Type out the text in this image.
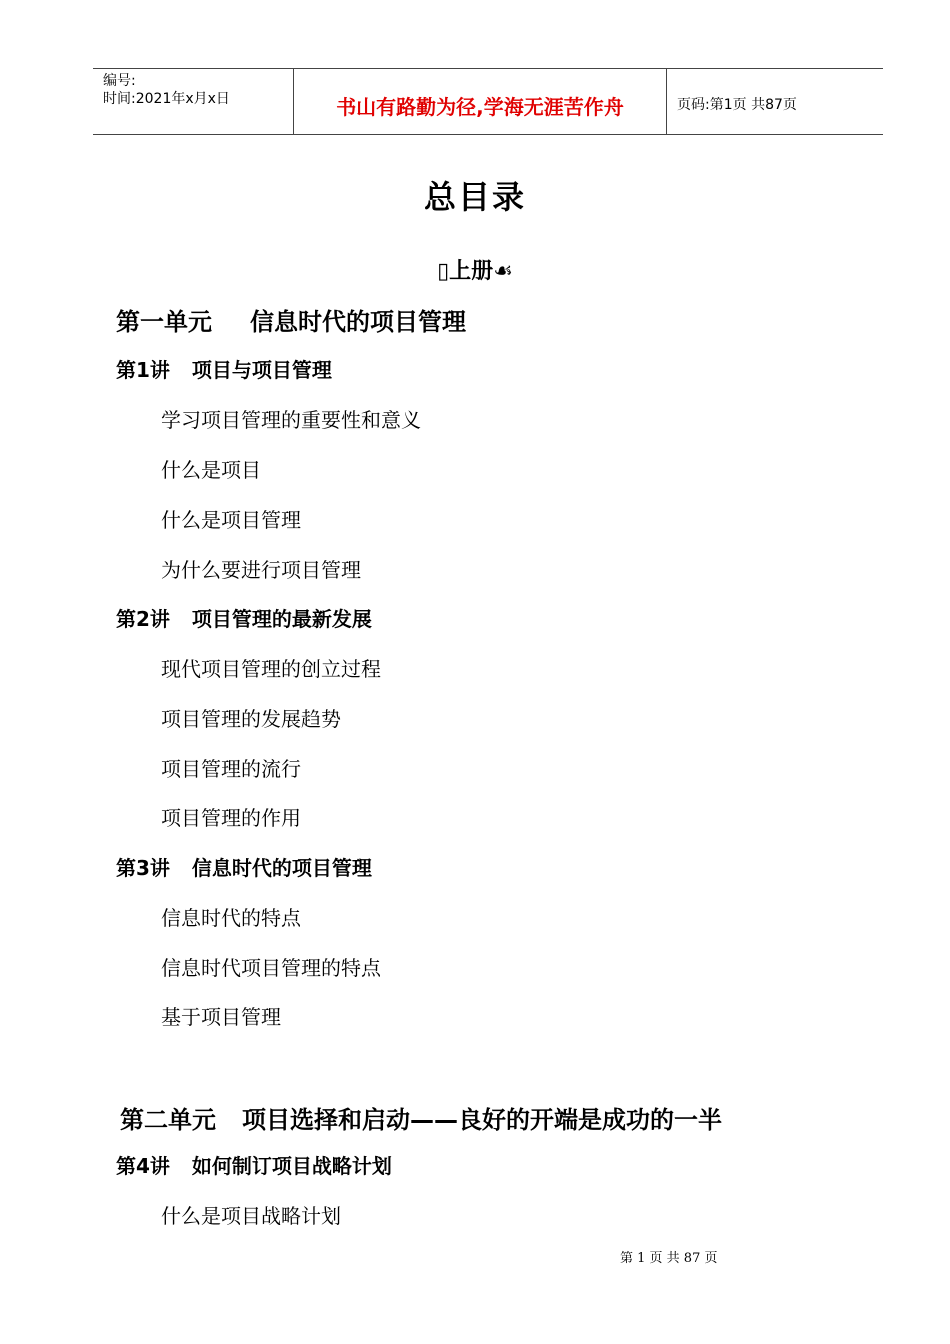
编号:
时间:2021年x月x日	书山有路勤为径,学海无涯苦作舟	页码:第1页 共87页
总目录
▯上册☙
第一单元 信息时代的项目管理
第1讲 项目与项目管理
学习项目管理的重要性和意义
什么是项目
什么是项目管理
为什么要进行项目管理
第2讲 项目管理的最新发展
现代项目管理的创立过程
项目管理的发展趋势
项目管理的流行
项目管理的作用
第3讲 信息时代的项目管理
信息时代的特点
信息时代项目管理的特点
基于项目管理
第二单元 项目选择和启动——良好的开端是成功的一半
第4讲 如何制订项目战略计划
什么是项目战略计划
第 1 页 共 87 页
